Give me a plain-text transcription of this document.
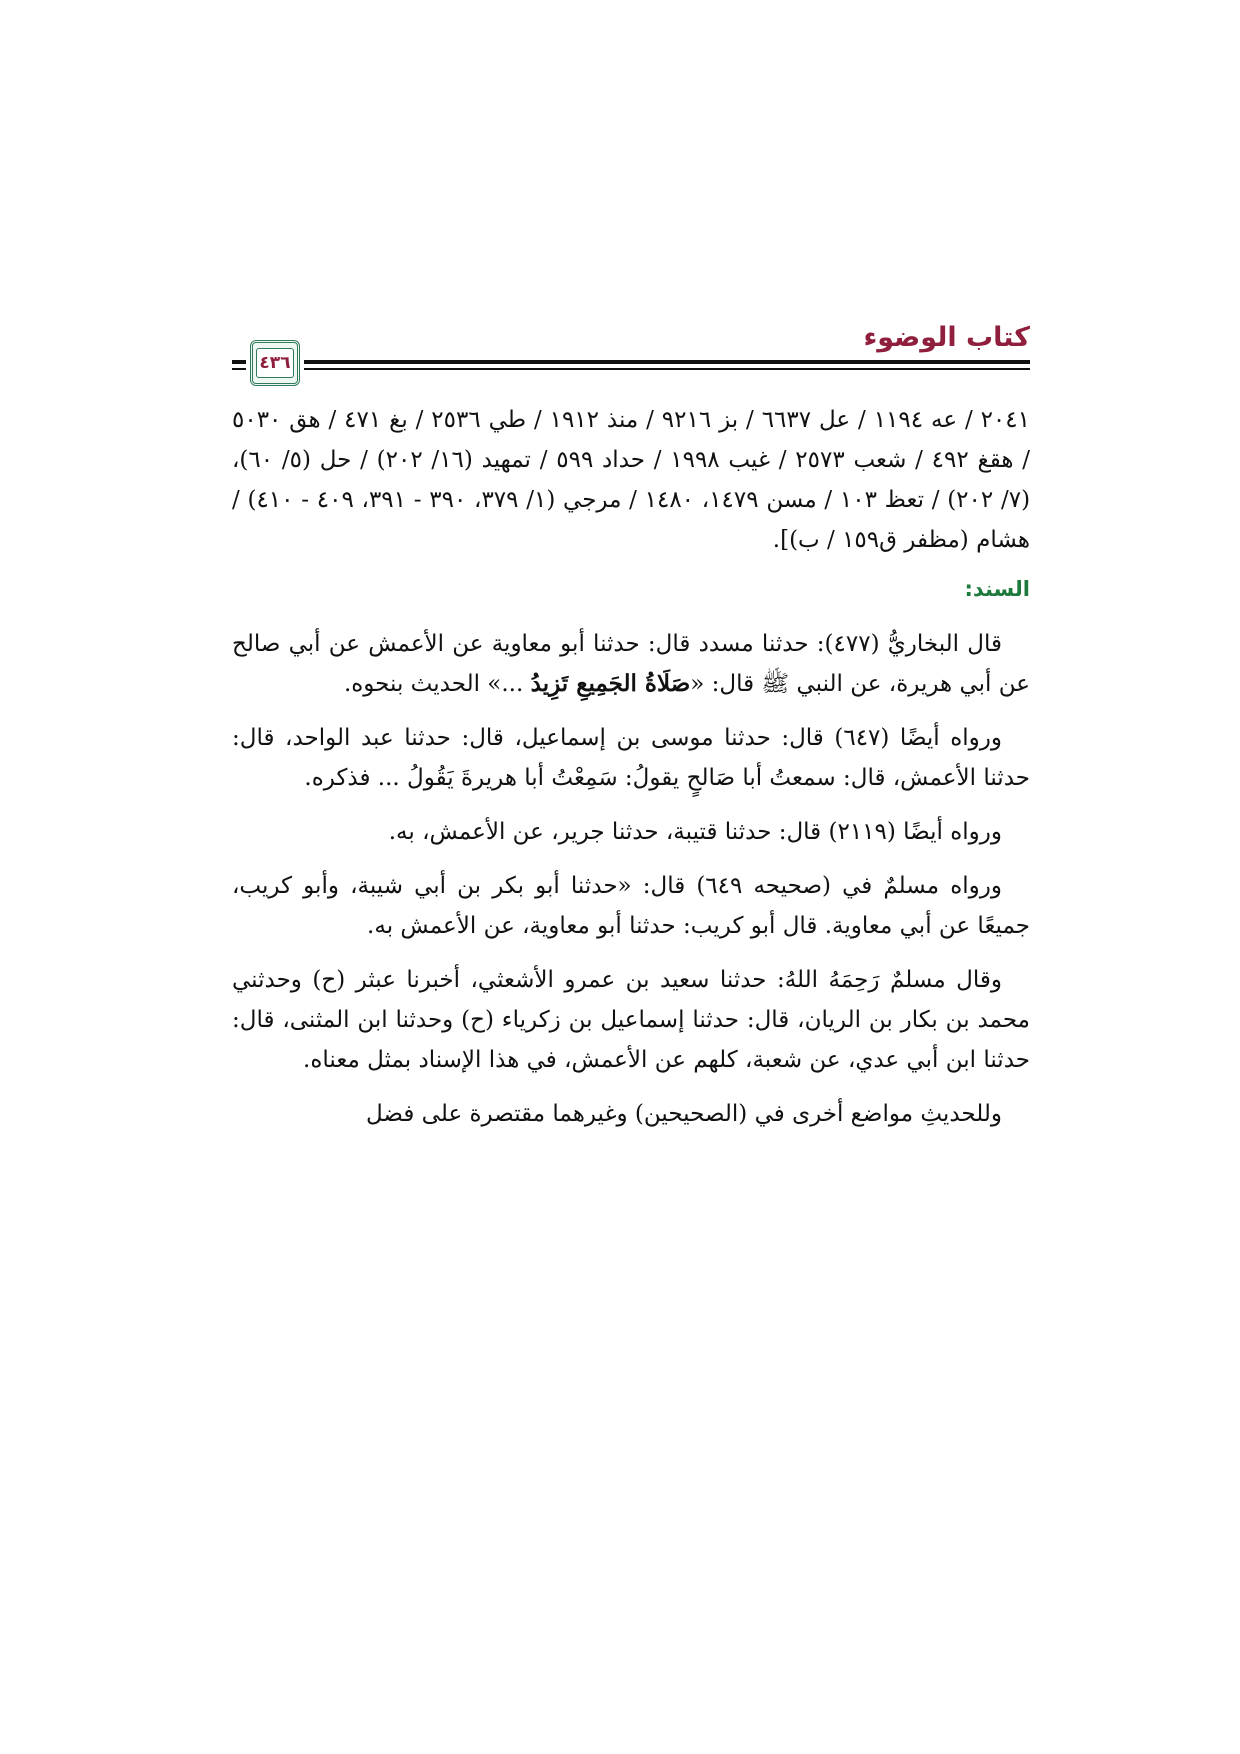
كتاب الوضوء
٤٣٦

٢٠٤١ / عه ١١٩٤ / عل ٦٦٣٧ / بز ٩٢١٦ / منذ ١٩١٢ / طي ٢٥٣٦ / بغ ٤٧١ / هق ٥٠٣٠ / هقغ ٤٩٢ / شعب ٢٥٧٣ / غيب ١٩٩٨ / حداد ٥٩٩ / تمهيد (١٦/ ٢٠٢) / حل (٥/ ٦٠)، (٧/ ٢٠٢) / تعظ ١٠٣ / مسن ١٤٧٩، ١٤٨٠ / مرجي (١/ ٣٧٩، ٣٩٠ - ٣٩١، ٤٠٩ - ٤١٠) / هشام (مظفر ق١٥٩ / ب)].

السند:

قال البخاريُّ (٤٧٧): حدثنا مسدد قال: حدثنا أبو معاوية عن الأعمش عن أبي صالح عن أبي هريرة، عن النبي ﷺ قال: «صَلَاةُ الجَمِيعِ تَزِيدُ ...» الحديث بنحوه.

ورواه أيضًا (٦٤٧) قال: حدثنا موسى بن إسماعيل، قال: حدثنا عبد الواحد، قال: حدثنا الأعمش، قال: سمعتُ أبا صَالحٍ يقولُ: سَمِعْتُ أبا هريرةَ يَقُولُ ... فذكره.

ورواه أيضًا (٢١١٩) قال: حدثنا قتيبة، حدثنا جرير، عن الأعمش، به.

ورواه مسلمٌ في (صحيحه ٦٤٩) قال: «حدثنا أبو بكر بن أبي شيبة، وأبو كريب، جميعًا عن أبي معاوية. قال أبو كريب: حدثنا أبو معاوية، عن الأعمش به.

وقال مسلمٌ رَحِمَهُ اللهُ: حدثنا سعيد بن عمرو الأشعثي، أخبرنا عبثر (ح) وحدثني محمد بن بكار بن الريان، قال: حدثنا إسماعيل بن زكرياء (ح) وحدثنا ابن المثنى، قال: حدثنا ابن أبي عدي، عن شعبة، كلهم عن الأعمش، في هذا الإسناد بمثل معناه.

وللحديثِ مواضع أخرى في (الصحيحين) وغيرهما مقتصرة على فضل
